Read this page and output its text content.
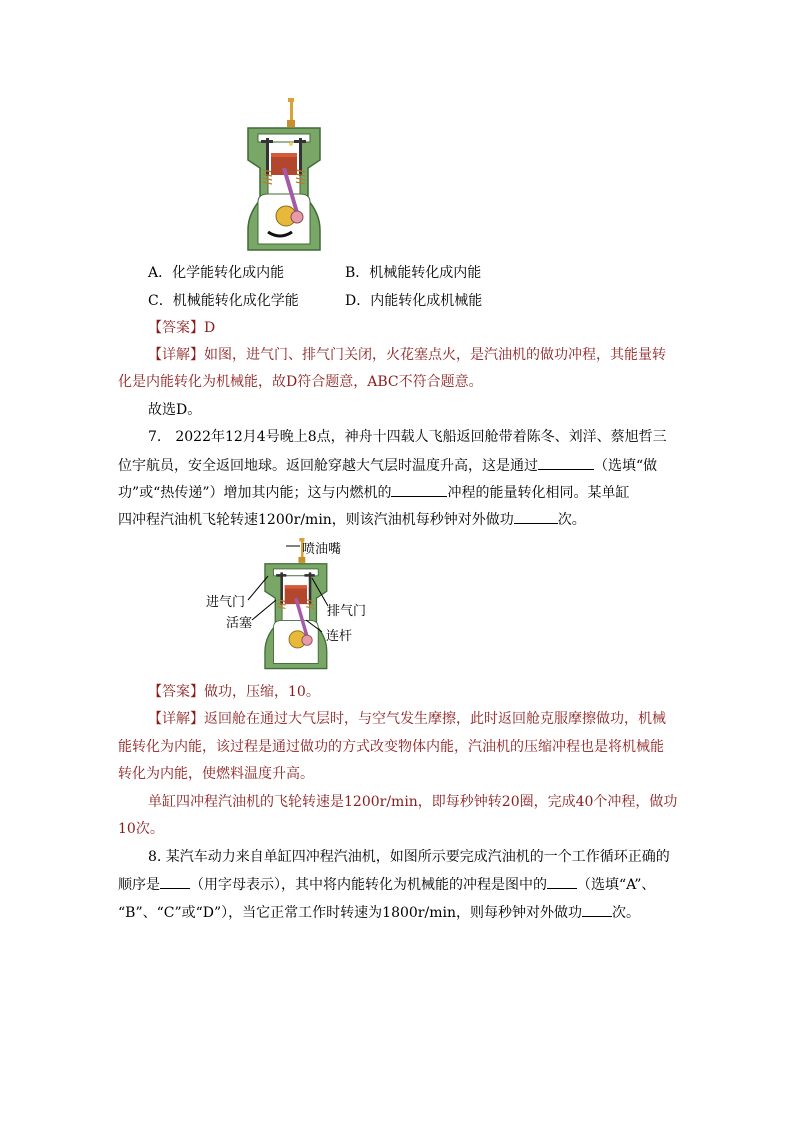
A．化学能转化成内能	B．机械能转化成内能
C．机械能转化成化学能	D．内能转化成机械能
【答案】D
【详解】如图，进气门、排气门关闭，火花塞点火，是汽油机的做功冲程，其能量转
化是内能转化为机械能，故D符合题意，ABC不符合题意。
故选D。
7.　2022年12月4号晚上8点，神舟十四载人飞船返回舱带着陈冬、刘洋、蔡旭哲三
位宇航员，安全返回地球。返回舱穿越大气层时温度升高，这是通过	（选填“做
功”或“热传递”）增加其内能；这与内燃机的	冲程的能量转化相同。某单缸
四冲程汽油机飞轮转速1200r/min，则该汽油机每秒钟对外做功	次。
喷油嘴
进气门
活塞
排气门
连杆
【答案】做功，压缩，10。
【详解】返回舱在通过大气层时，与空气发生摩擦，此时返回舱克服摩擦做功，机械
能转化为内能，该过程是通过做功的方式改变物体内能，汽油机的压缩冲程也是将机械能
转化为内能，使燃料温度升高。
单缸四冲程汽油机的飞轮转速是1200r/min，即每秒钟转20圈，完成40个冲程，做功
10次。
8. 某汽车动力来自单缸四冲程汽油机，如图所示要完成汽油机的一个工作循环正确的
顺序是 （用字母表示），其中将内能转化为机械能的冲程是图中的 （选填“A”、
“B”、“C”或“D”），当它正常工作时转速为1800r/min，则每秒钟对外做功 次。
